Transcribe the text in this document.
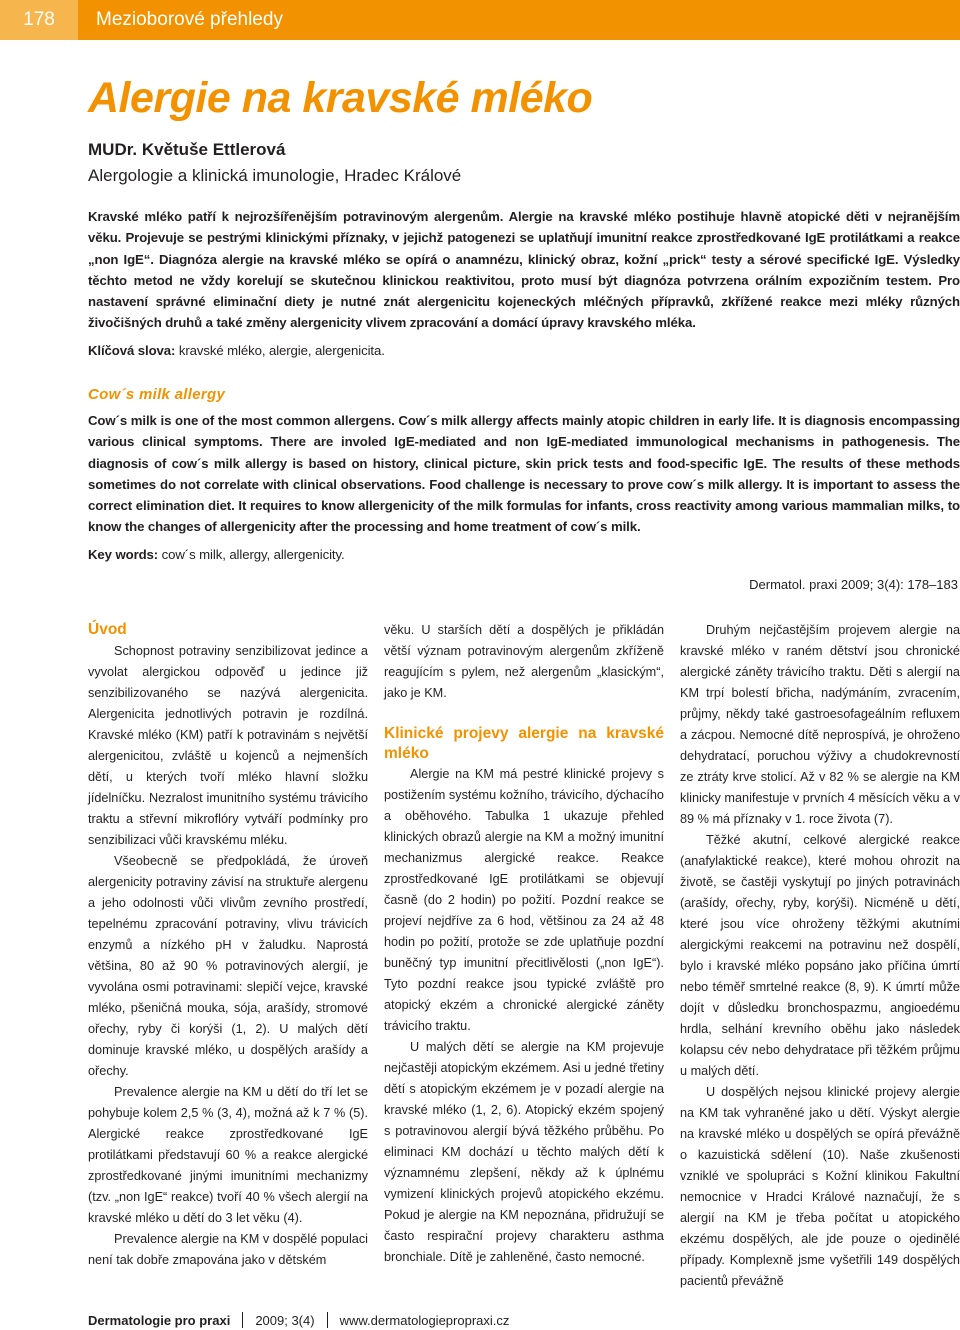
178	Mezioborové přehledy
Alergie na kravské mléko
MUDr. Květuše Ettlerová
Alergologie a klinická imunologie, Hradec Králové

Kravské mléko patří k nejrozšířenějším potravinovým alergenům. Alergie na kravské mléko postihuje hlavně atopické děti v nejranějším věku. Projevuje se pestrými klinickými příznaky, v jejichž patogenezi se uplatňují imunitní reakce zprostředkované IgE protilátkami a reakce „non IgE“. Diagnóza alergie na kravské mléko se opírá o anamnézu, klinický obraz, kožní „prick“ testy a sérové specifické IgE. Výsledky těchto metod ne vždy korelují se skutečnou klinickou reaktivitou, proto musí být diagnóza potvrzena orálním expozičním testem. Pro nastavení správné eliminační diety je nutné znát alergenicitu kojeneckých mléčných přípravků, zkřížené reakce mezi mléky různých živočišných druhů a také změny alergenicity vlivem zpracování a domácí úpravy kravského mléka.

Klíčová slova: kravské mléko, alergie, alergenicita.

Cow´s milk allergy

Cow´s milk is one of the most common allergens. Cow´s milk allergy affects mainly atopic children in early life. It is diagnosis encompassing various clinical symptoms. There are involed IgE-mediated and non IgE-mediated immunological mechanisms in pathogenesis. The diagnosis of cow´s milk allergy is based on history, clinical picture, skin prick tests and food-specific IgE. The results of these methods sometimes do not correlate with clinical observations. Food challenge is necessary to prove cow´s milk allergy. It is important to assess the correct elimination diet. It requires to know allergenicity of the milk formulas for infants, cross reactivity among various mammalian milks, to know the changes of allergenicity after the processing and home treatment of cow´s milk.

Key words: cow´s milk, allergy, allergenicity.

Dermatol. praxi 2009; 3(4): 178–183
Úvod

Schopnost potraviny senzibilizovat jedince a vyvolat alergickou odpověď u jedince již senzibilizovaného se nazývá alergenicita. Alergenicita jednotlivých potravin je rozdílná. Kravské mléko (KM) patří k potravinám s největší alergenicitou, zvláště u kojenců a nejmenších dětí, u kterých tvoří mléko hlavní složku jídelníčku. Nezralost imunitního systému trávicího traktu a střevní mikroflóry vytváří podmínky pro senzibilizaci vůči kravskému mléku.

Všeobecně se předpokládá, že úroveň alergenicity potraviny závisí na struktuře alergenu a jeho odolnosti vůči vlivům zevního prostředí, tepelnému zpracování potraviny, vlivu trávicích enzymů a nízkého pH v žaludku. Naprostá většina, 80 až 90 % potravinových alergií, je vyvolána osmi potravinami: slepičí vejce, kravské mléko, pšeničná mouka, sója, arašídy, stromové ořechy, ryby či korýši (1, 2). U malých dětí dominuje kravské mléko, u dospělých arašídy a ořechy.

Prevalence alergie na KM u dětí do tří let se pohybuje kolem 2,5 % (3, 4), možná až k 7 % (5). Alergické reakce zprostředkované IgE protilátkami představují 60 % a reakce alergické zprostředkované jinými imunitními mechanizmy (tzv. „non IgE“ reakce) tvoří 40 % všech alergií na kravské mléko u dětí do 3 let věku (4).

Prevalence alergie na KM v dospělé populaci není tak dobře zmapována jako v dětském

věku. U starších dětí a dospělých je přikládán větší význam potravinovým alergenům zkříženě reagujícím s pylem, než alergenům „klasickým“, jako je KM.

Klinické projevy alergie na kravské mléko

Alergie na KM má pestré klinické projevy s postižením systému kožního, trávicího, dýchacího a oběhového. Tabulka 1 ukazuje přehled klinických obrazů alergie na KM a možný imunitní mechanizmus alergické reakce. Reakce zprostředkované IgE protilátkami se objevují časně (do 2 hodin) po požití. Pozdní reakce se projeví nejdříve za 6 hod, většinou za 24 až 48 hodin po požití, protože se zde uplatňuje pozdní buněčný typ imunitní přecitlivělosti („non IgE“). Tyto pozdní reakce jsou typické zvláště pro atopický ekzém a chronické alergické záněty trávicího traktu.

U malých dětí se alergie na KM projevuje nejčastěji atopickým ekzémem. Asi u jedné třetiny dětí s atopickým ekzémem je v pozadí alergie na kravské mléko (1, 2, 6). Atopický ekzém spojený s potravinovou alergií bývá těžkého průběhu. Po eliminaci KM dochází u těchto malých dětí k významnému zlepšení, někdy až k úplnému vymizení klinických projevů atopického ekzému. Pokud je alergie na KM nepoznána, přidružují se často respirační projevy charakteru asthma bronchiale. Dítě je zahleněné, často nemocné.

Druhým nejčastějším projevem alergie na kravské mléko v raném dětství jsou chronické alergické záněty trávicího traktu. Děti s alergií na KM trpí bolestí břicha, nadýmáním, zvracením, průjmy, někdy také gastroesofageálním refluxem a zácpou. Nemocné dítě neprospívá, je ohroženo dehydratací, poruchou výživy a chudokrevností ze ztráty krve stolicí. Až v 82 % se alergie na KM klinicky manifestuje v prvních 4 měsících věku a v 89 % má příznaky v 1. roce života (7).

Těžké akutní, celkové alergické reakce (anafylaktické reakce), které mohou ohrozit na životě, se častěji vyskytují po jiných potravinách (arašídy, ořechy, ryby, korýši). Nicméně u dětí, které jsou více ohroženy těžkými akutními alergickými reakcemi na potravinu než dospělí, bylo i kravské mléko popsáno jako příčina úmrtí nebo téměř smrtelné reakce (8, 9). K úmrtí může dojít v důsledku bronchospazmu, angioedému hrdla, selhání krevního oběhu jako následek kolapsu cév nebo dehydratace při těžkém průjmu u malých dětí.

U dospělých nejsou klinické projevy alergie na KM tak vyhraněné jako u dětí. Výskyt alergie na kravské mléko u dospělých se opírá převážně o kazuistická sdělení (10). Naše zkušenosti vzniklé ve spolupráci s Kožní klinikou Fakultní nemocnice v Hradci Králové naznačují, že s alergií na KM je třeba počítat u atopického ekzému dospělých, ale jde pouze o ojedinělé případy. Komplexně jsme vyšetřili 149 dospělých pacientů převážně

Dermatologie pro praxi 2009; 3(4) www.dermatologiepropraxi.cz
